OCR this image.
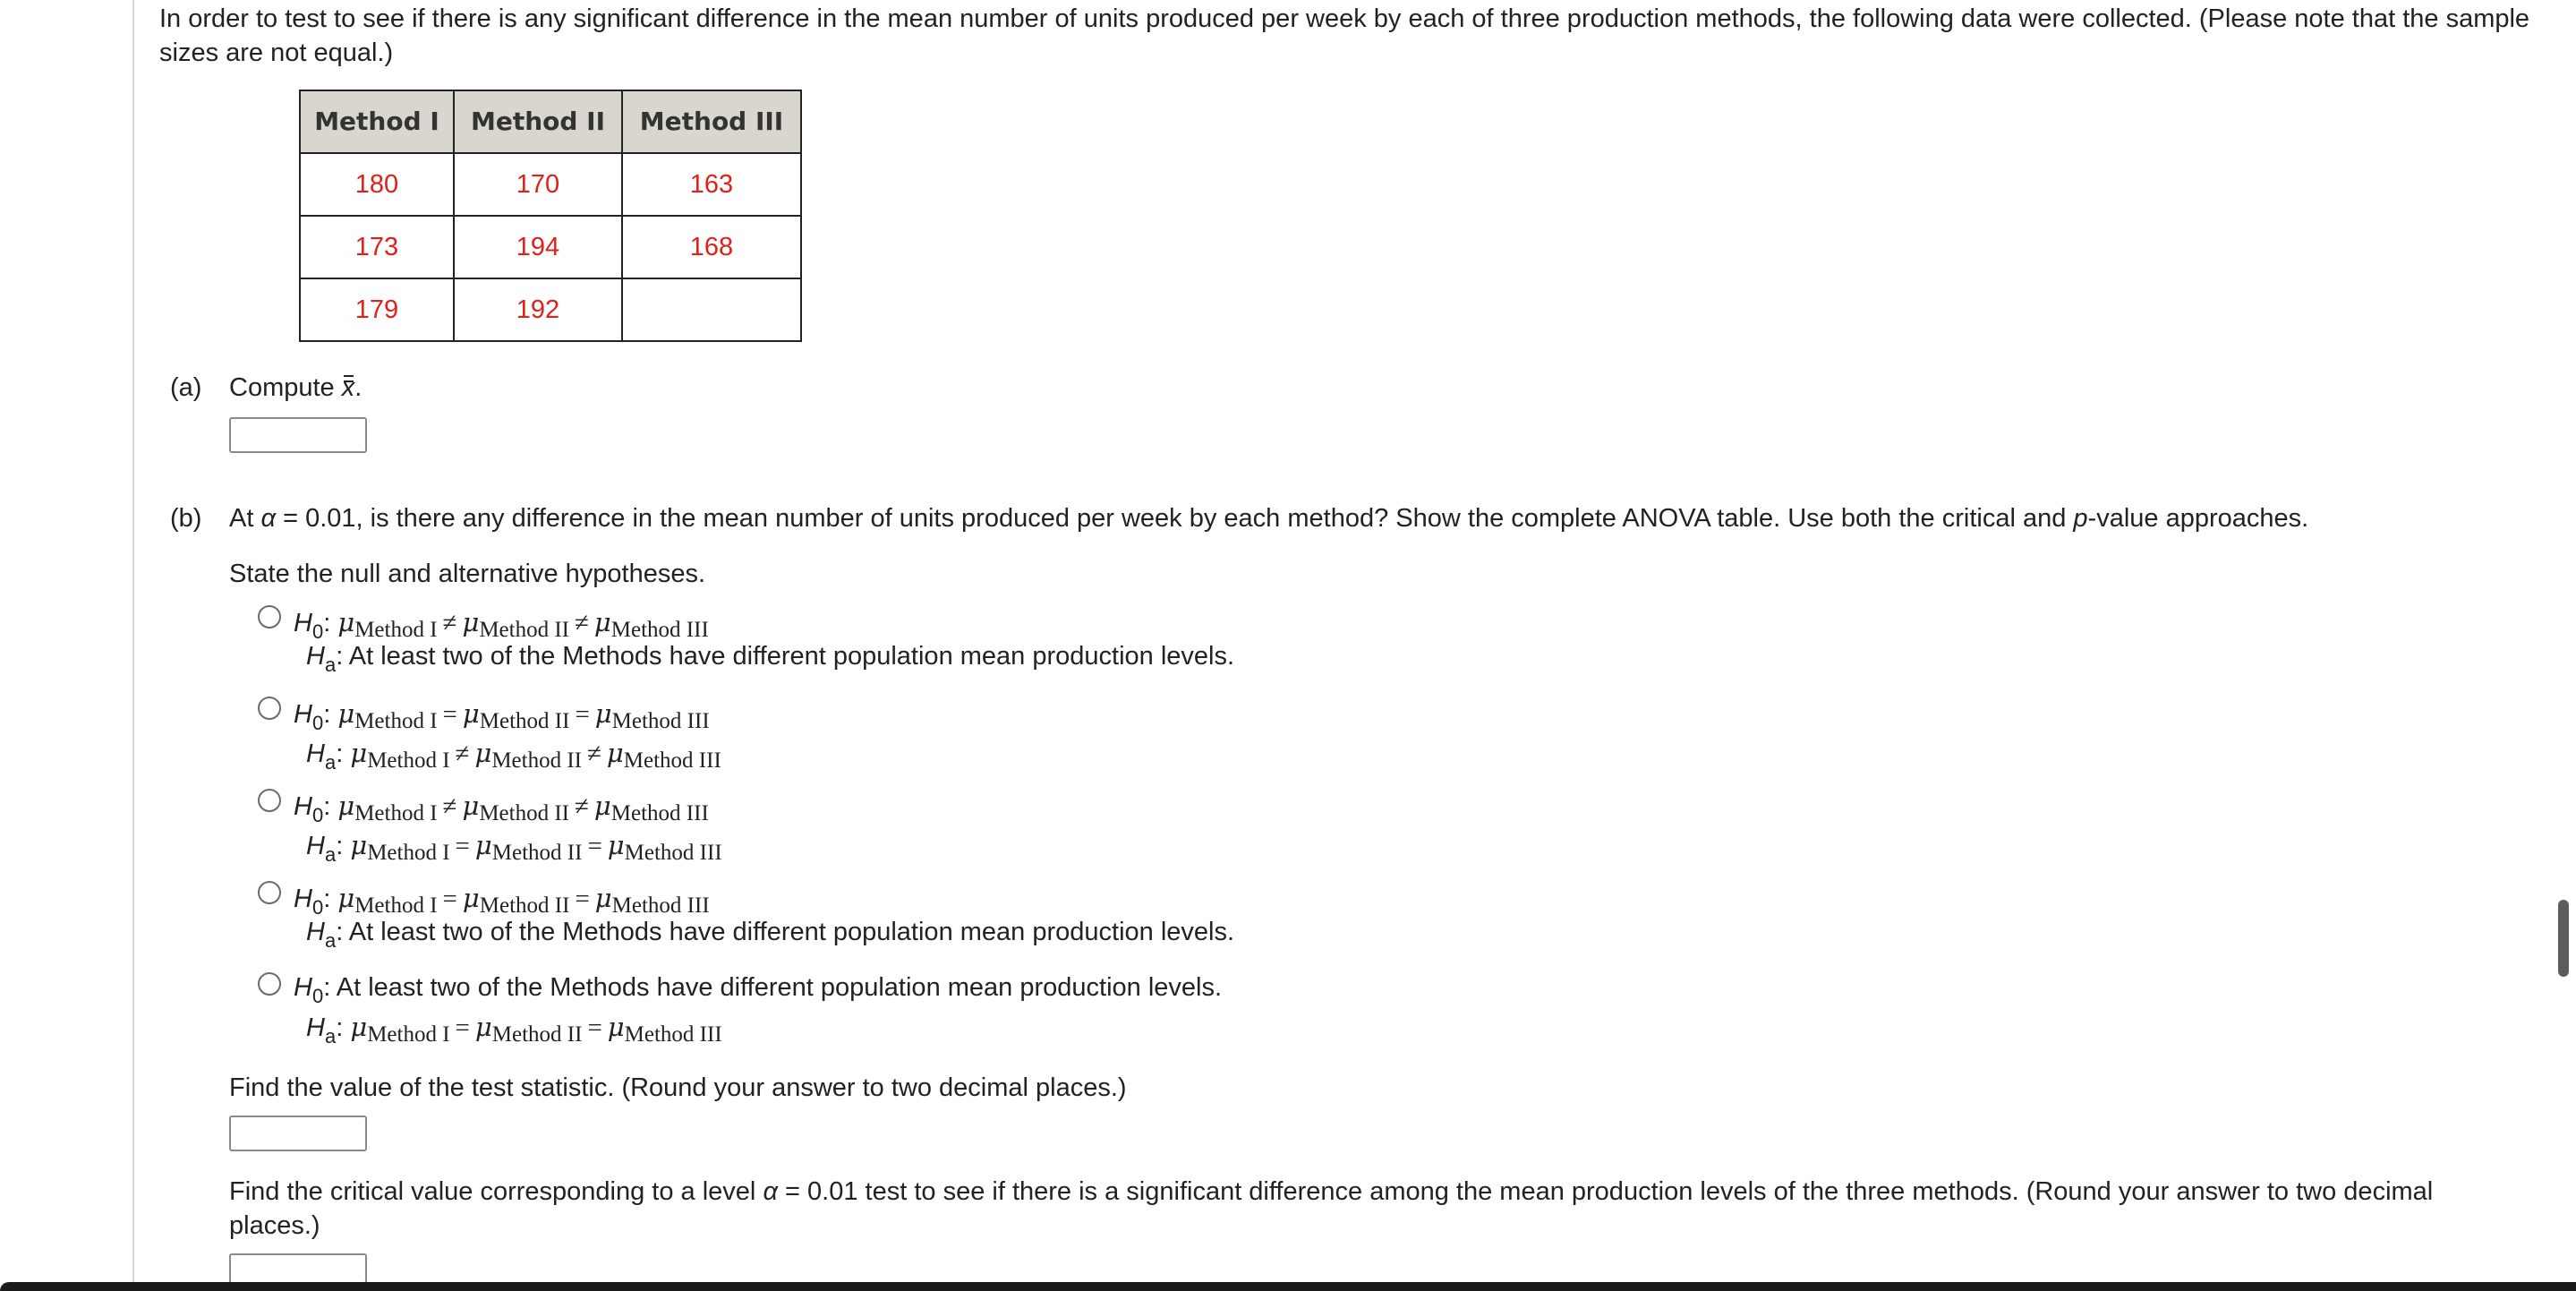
In order to test to see if there is any significant difference in the mean number of units produced per week by each of three production methods, the following data were collected. (Please note that the sample sizes are not equal.)
Method I	Method II	Method III
180	170	163
173	194	168
179	192	
(a) Compute x.
(b) At α = 0.01, is there any difference in the mean number of units produced per week by each method? Show the complete ANOVA table. Use both the critical and p-value approaches.
State the null and alternative hypotheses.
$H_0$: μMethod I ≠ μMethod II ≠ μMethod III
$H_a$: At least two of the Methods have different population mean production levels.
$H_0$: μMethod I = μMethod II = μMethod III
$H_a$: μMethod I ≠ μMethod II ≠ μMethod III
$H_0$: μMethod I ≠ μMethod II ≠ μMethod III
$H_a$: μMethod I = μMethod II = μMethod III
$H_0$: μMethod I = μMethod II = μMethod III
$H_a$: At least two of the Methods have different population mean production levels.
$H_0$: At least two of the Methods have different population mean production levels.
$H_a$: μMethod I = μMethod II = μMethod III
Find the value of the test statistic. (Round your answer to two decimal places.)
Find the critical value corresponding to a level α = 0.01 test to see if there is a significant difference among the mean production levels of the three methods. (Round your answer to two decimal places.)
